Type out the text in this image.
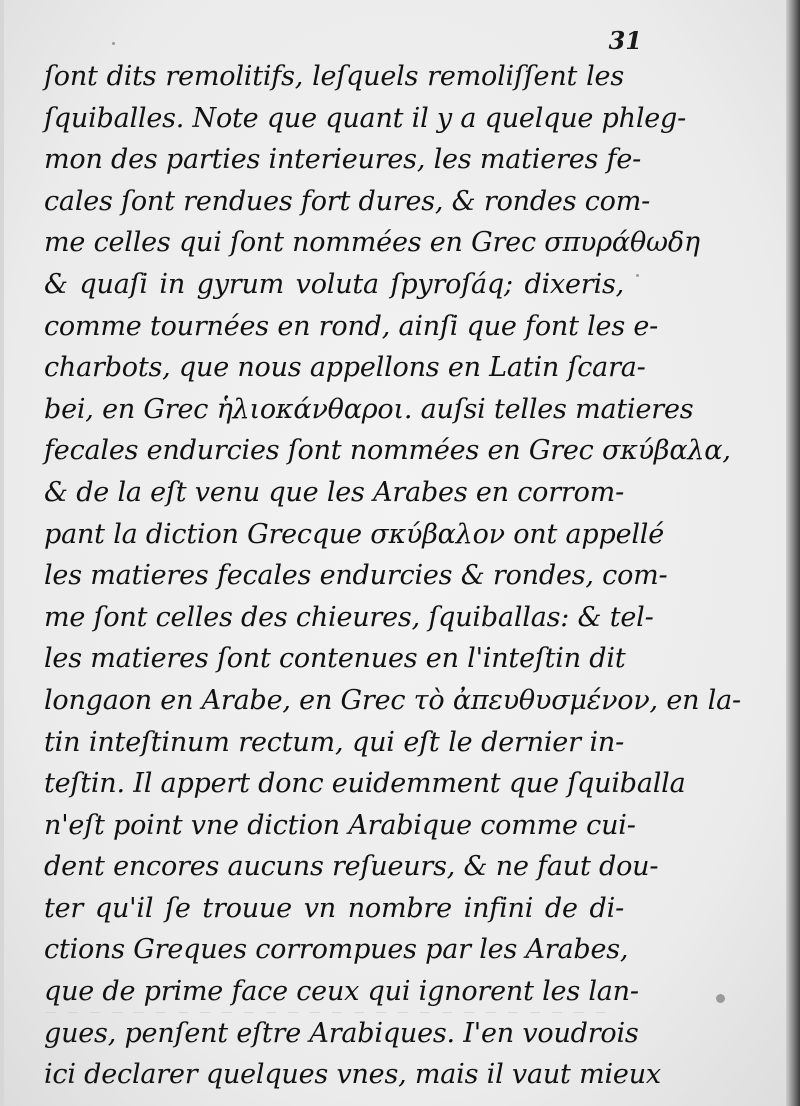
31
ſont dits remolitifs, leſquels remoliſſent les
ſquiballes. Note que quant il y a quelque phleg-
mon des parties interieures, les matieres fe-
cales ſont rendues fort dures, & rondes com-
me celles qui ſont nommées en Grec σπυράθωδη
& quaſi in gyrum voluta ſpyroſáq; dixeris,
comme tournées en rond, ainſi que font les e-
charbots, que nous appellons en Latin ſcara-
bei, en Grec ἡλιοκάνθαροι. auſsi telles matieres
fecales endurcies ſont nommées en Grec σκύβαλα,
& de la eſt venu que les Arabes en corrom-
pant la diction Grecque σκύβαλον ont appellé
les matieres fecales endurcies & rondes, com-
me ſont celles des chieures, ſquiballas: & tel-
les matieres ſont contenues en l'inteſtin dit
longaon en Arabe, en Grec τὸ ἀπευθυσμένον, en la-
tin inteſtinum rectum, qui eſt le dernier in-
teſtin. Il appert donc euidemment que ſquiballa
n'eſt point vne diction Arabique comme cui-
dent encores aucuns reſueurs, & ne faut dou-
ter qu'il ſe trouue vn nombre infini de di-
ctions Greques corrompues par les Arabes,
que de prime face ceux qui ignorent les lan-
gues, penſent eſtre Arabiques. I'en voudrois
ici declarer quelques vnes, mais il vaut mieux
